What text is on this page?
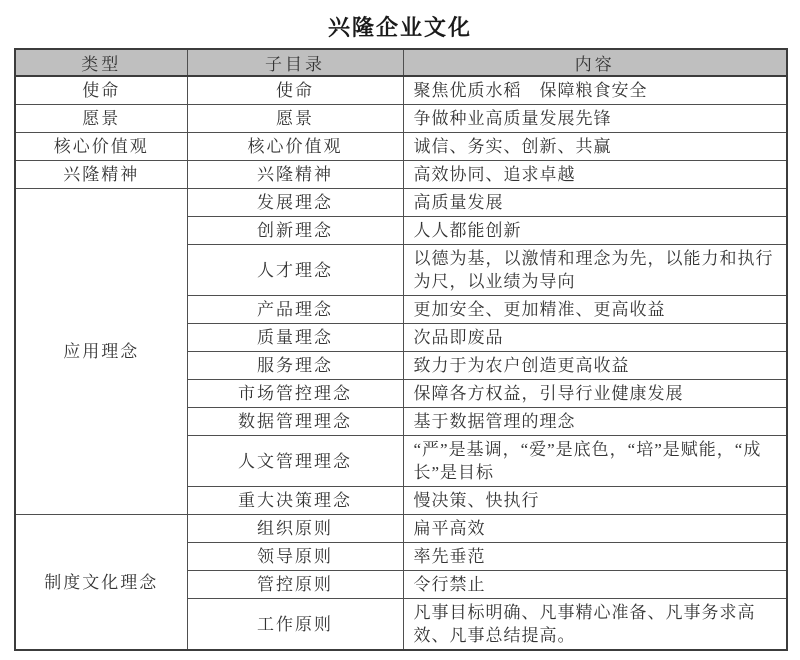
兴隆企业文化
类型	子目录	内容
使命	使命	聚焦优质水稻　保障粮食安全
愿景	愿景	争做种业高质量发展先锋
核心价值观	核心价值观	诚信、务实、创新、共赢
兴隆精神	兴隆精神	高效协同、追求卓越
应用理念	发展理念	高质量发展
	创新理念	人人都能创新
	人才理念	以德为基，以激情和理念为先，以能力和执行为尺，以业绩为导向
	产品理念	更加安全、更加精准、更高收益
	质量理念	次品即废品
	服务理念	致力于为农户创造更高收益
	市场管控理念	保障各方权益，引导行业健康发展
	数据管理理念	基于数据管理的理念
	人文管理理念	“严”是基调，“爱”是底色，“培”是赋能，“成长”是目标
	重大决策理念	慢决策、快执行
制度文化理念	组织原则	扁平高效
	领导原则	率先垂范
	管控原则	令行禁止
	工作原则	凡事目标明确、凡事精心准备、凡事务求高效、凡事总结提高。
